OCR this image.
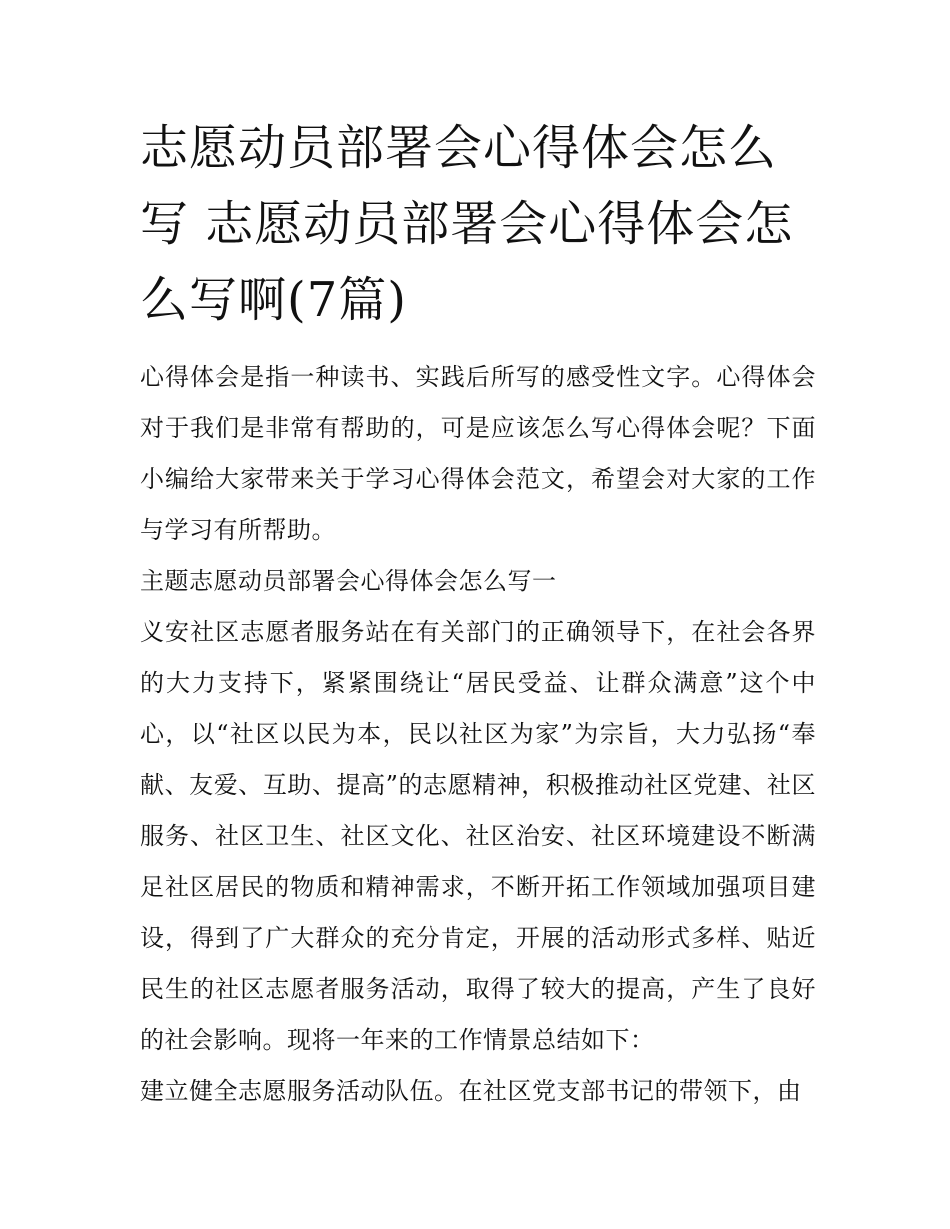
志愿动员部署会心得体会怎么写 志愿动员部署会心得体会怎么写啊(7篇)

心得体会是指一种读书、实践后所写的感受性文字。心得体会对于我们是非常有帮助的，可是应该怎么写心得体会呢？下面小编给大家带来关于学习心得体会范文，希望会对大家的工作与学习有所帮助。

主题志愿动员部署会心得体会怎么写一

义安社区志愿者服务站在有关部门的正确领导下，在社会各界的大力支持下，紧紧围绕让“居民受益、让群众满意”这个中心，以“社区以民为本，民以社区为家”为宗旨，大力弘扬“奉献、友爱、互助、提高”的志愿精神，积极推动社区党建、社区服务、社区卫生、社区文化、社区治安、社区环境建设不断满足社区居民的物质和精神需求，不断开拓工作领域加强项目建设，得到了广大群众的充分肯定，开展的活动形式多样、贴近民生的社区志愿者服务活动，取得了较大的提高，产生了良好的社会影响。现将一年来的工作情景总结如下：

建立健全志愿服务活动队伍。在社区党支部书记的带领下，由
